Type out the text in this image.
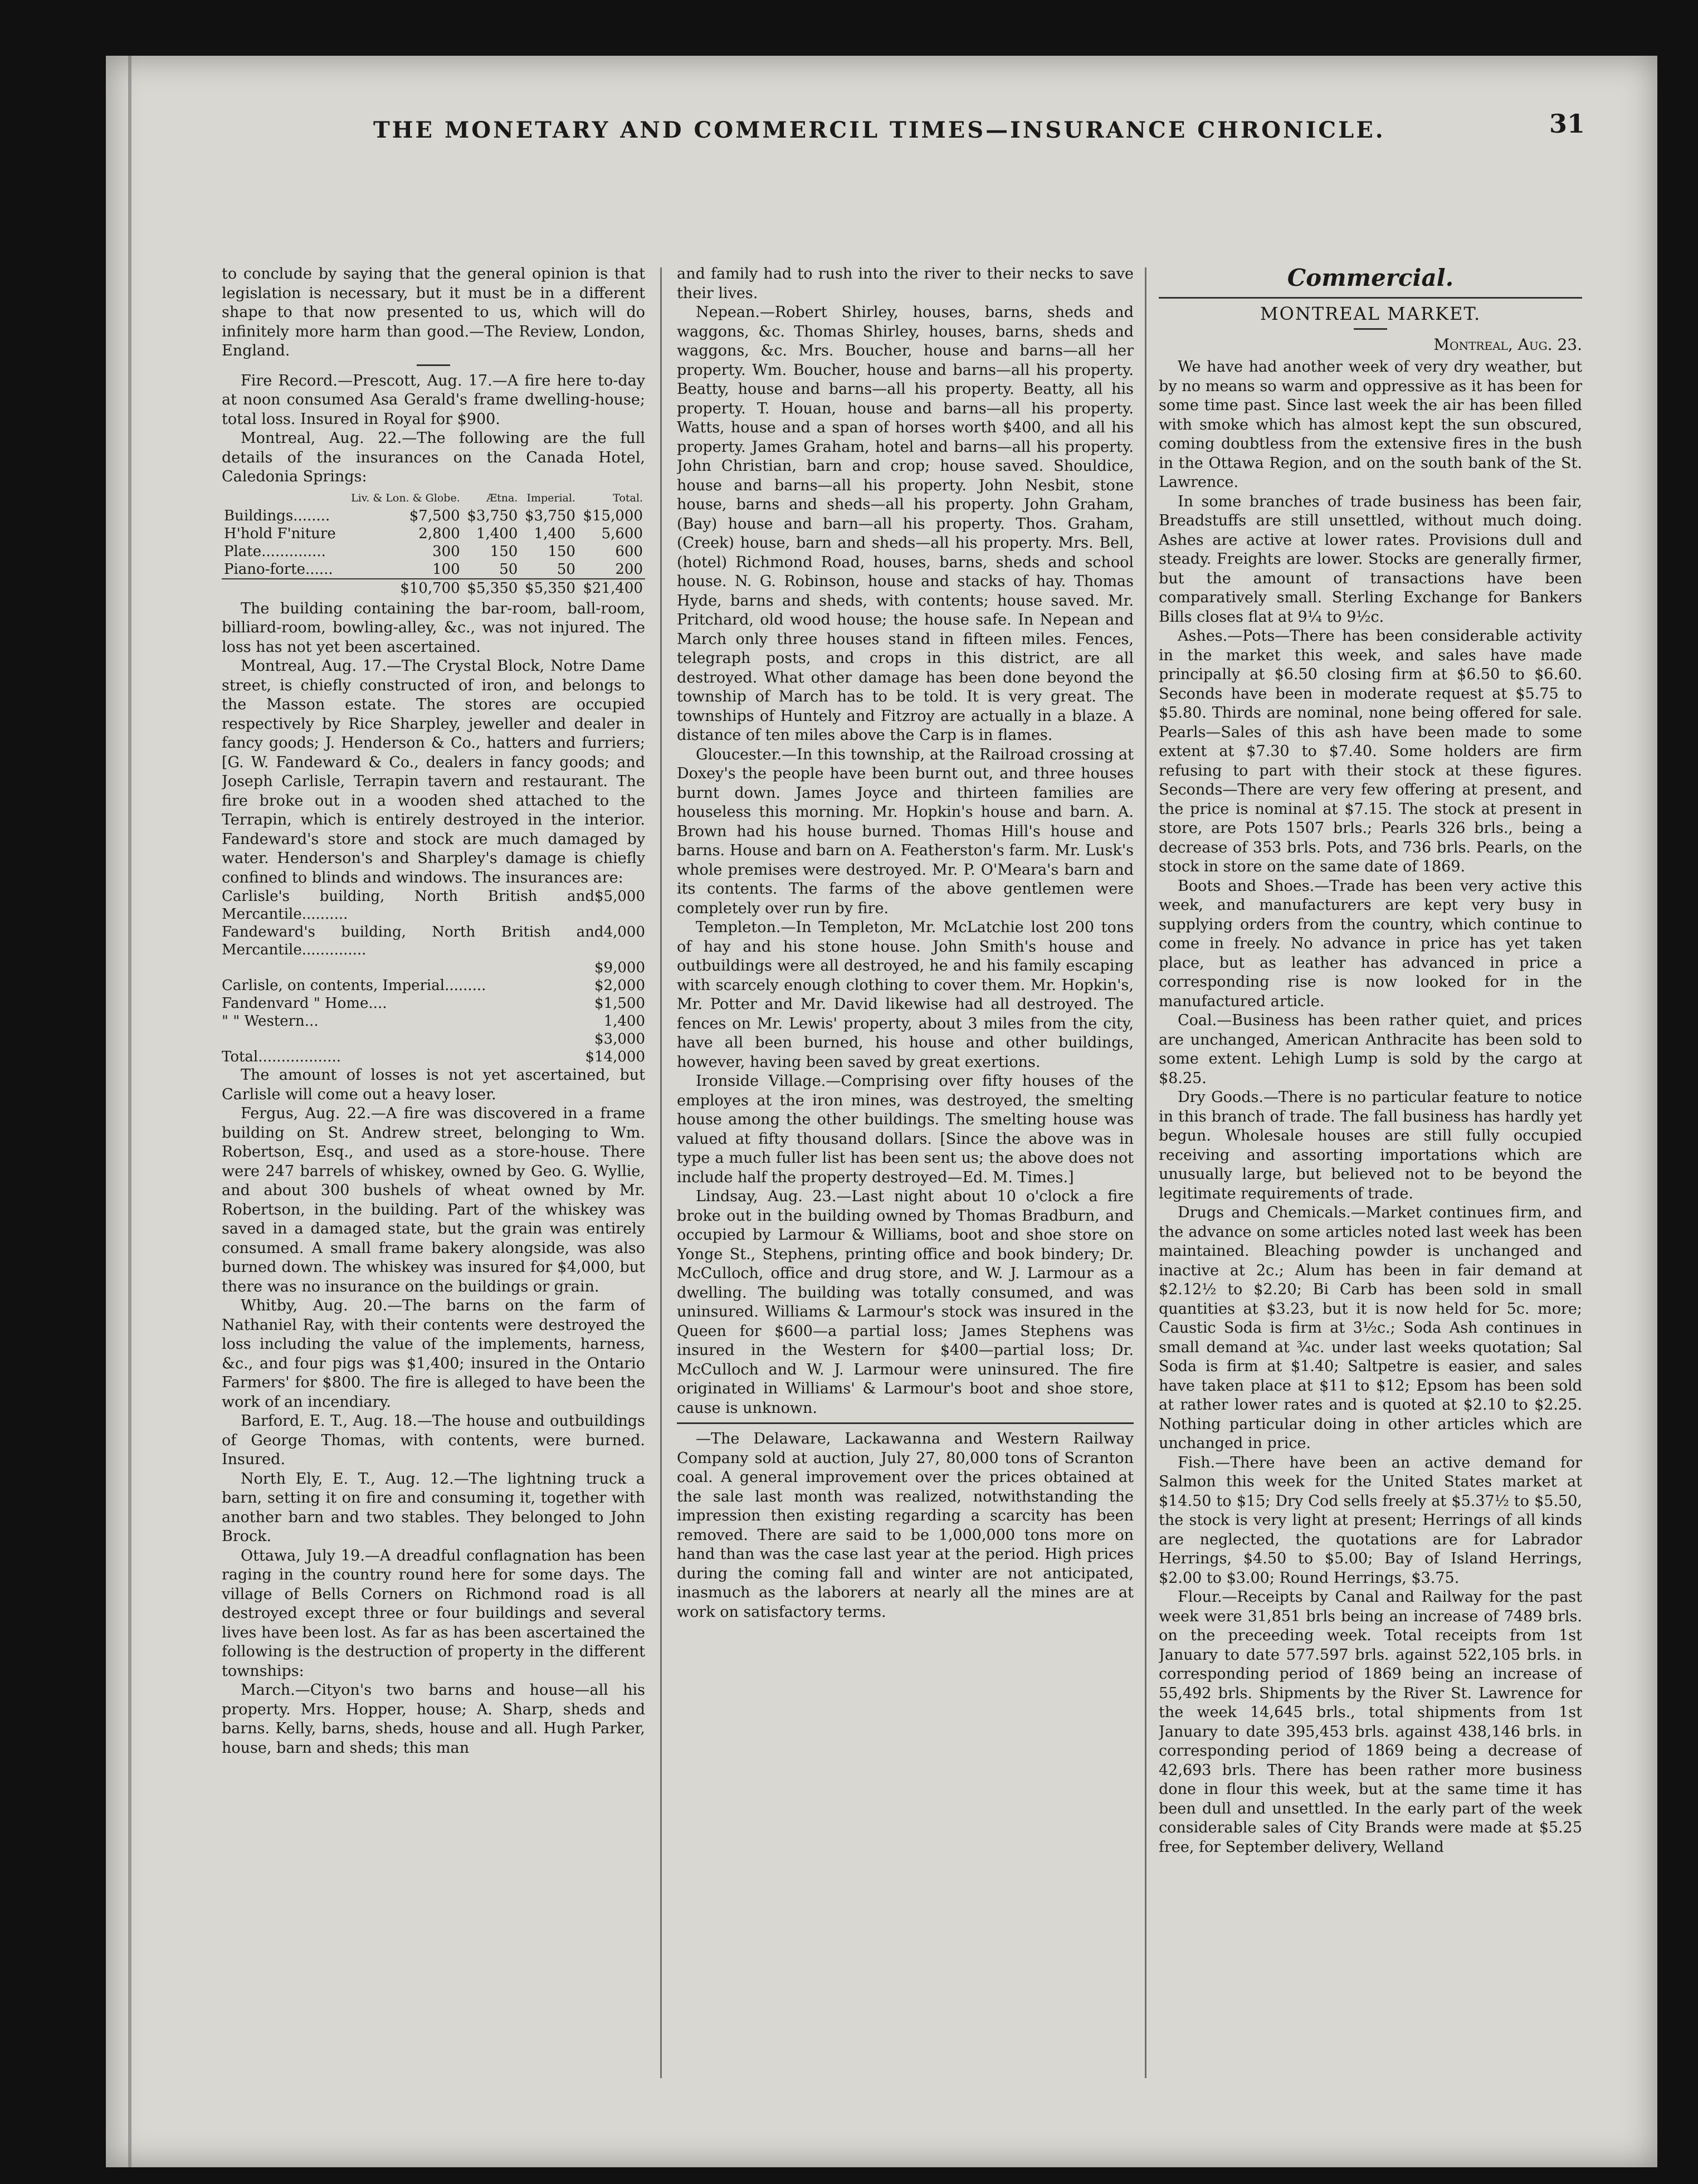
THE MONETARY AND COMMERCIL TIMES—INSURANCE CHRONICLE.	31

to conclude by saying that the general opinion is that legislation is necessary, but it must be in a different shape to that now presented to us, which will do infinitely more harm than good.—The Review, London, England.

Fire Record.—Prescott, Aug. 17.—A fire here to-day at noon consumed Asa Gerald's frame dwelling-house; total loss. Insured in Royal for $900.

Montreal, Aug. 22.—The following are the full details of the insurances on the Canada Hotel, Caledonia Springs:

	Liv. & Lon. & Globe.	Ætna.	Imperial.	Total.
Buildings........	$7,500	$3,750	$3,750	$15,000
H'hold F'niture	2,800	1,400	1,400	5,600
Plate..............	300	150	150	600
Piano-forte......	100	50	50	200
	$10,700	$5,350	$5,350	$21,400

The building containing the bar-room, ball-room, billiard-room, bowling-alley, &c., was not injured. The loss has not yet been ascertained.

Montreal, Aug. 17.—The Crystal Block, Notre Dame street, is chiefly constructed of iron, and belongs to the Masson estate. The stores are occupied respectively by Rice Sharpley, jeweller and dealer in fancy goods; J. Henderson & Co., hatters and furriers; [G. W. Fandeward & Co., dealers in fancy goods; and Joseph Carlisle, Terrapin tavern and restaurant. The fire broke out in a wooden shed attached to the Terrapin, which is entirely destroyed in the interior. Fandeward's store and stock are much damaged by water. Henderson's and Sharpley's damage is chiefly confined to blinds and windows. The insurances are:

Carlisle's building, North British and Mercantile..........
$5,000
Fandeward's building, North British and Mercantile..............
4,000
$9,000
Carlisle, on contents, Imperial.........	$2,000
Fandenvard " Home....	$1,500
" " Western...	1,400
$3,000
Total..................	$14,000

The amount of losses is not yet ascertained, but Carlisle will come out a heavy loser.

Fergus, Aug. 22.—A fire was discovered in a frame building on St. Andrew street, belonging to Wm. Robertson, Esq., and used as a store-house. There were 247 barrels of whiskey, owned by Geo. G. Wyllie, and about 300 bushels of wheat owned by Mr. Robertson, in the building. Part of the whiskey was saved in a damaged state, but the grain was entirely consumed. A small frame bakery alongside, was also burned down. The whiskey was insured for $4,000, but there was no insurance on the buildings or grain.

Whitby, Aug. 20.—The barns on the farm of Nathaniel Ray, with their contents were destroyed the loss including the value of the implements, harness, &c., and four pigs was $1,400; insured in the Ontario Farmers' for $800. The fire is alleged to have been the work of an incendiary.

Barford, E. T., Aug. 18.—The house and outbuildings of George Thomas, with contents, were burned. Insured.

North Ely, E. T., Aug. 12.—The lightning truck a barn, setting it on fire and consuming it, together with another barn and two stables. They belonged to John Brock.

Ottawa, July 19.—A dreadful conflagnation has been raging in the country round here for some days. The village of Bells Corners on Richmond road is all destroyed except three or four buildings and several lives have been lost. As far as has been ascertained the following is the destruction of property in the different townships:

March.—Cityon's two barns and house—all his property. Mrs. Hopper, house; A. Sharp, sheds and barns. Kelly, barns, sheds, house and all. Hugh Parker, house, barn and sheds; this man

and family had to rush into the river to their necks to save their lives.

Nepean.—Robert Shirley, houses, barns, sheds and waggons, &c. Thomas Shirley, houses, barns, sheds and waggons, &c. Mrs. Boucher, house and barns—all her property. Wm. Boucher, house and barns—all his property. Beatty, house and barns—all his property. Beatty, all his property. T. Houan, house and barns—all his property. Watts, house and a span of horses worth $400, and all his property. James Graham, hotel and barns—all his property. John Christian, barn and crop; house saved. Shouldice, house and barns—all his property. John Nesbit, stone house, barns and sheds—all his property. John Graham, (Bay) house and barn—all his property. Thos. Graham, (Creek) house, barn and sheds—all his property. Mrs. Bell, (hotel) Richmond Road, houses, barns, sheds and school house. N. G. Robinson, house and stacks of hay. Thomas Hyde, barns and sheds, with contents; house saved. Mr. Pritchard, old wood house; the house safe. In Nepean and March only three houses stand in fifteen miles. Fences, telegraph posts, and crops in this district, are all destroyed. What other damage has been done beyond the township of March has to be told. It is very great. The townships of Huntely and Fitzroy are actually in a blaze. A distance of ten miles above the Carp is in flames.

Gloucester.—In this township, at the Railroad crossing at Doxey's the people have been burnt out, and three houses burnt down. James Joyce and thirteen families are houseless this morning. Mr. Hopkin's house and barn. A. Brown had his house burned. Thomas Hill's house and barns. House and barn on A. Featherston's farm. Mr. Lusk's whole premises were destroyed. Mr. P. O'Meara's barn and its contents. The farms of the above gentlemen were completely over run by fire.

Templeton.—In Templeton, Mr. McLatchie lost 200 tons of hay and his stone house. John Smith's house and outbuildings were all destroyed, he and his family escaping with scarcely enough clothing to cover them. Mr. Hopkin's, Mr. Potter and Mr. David likewise had all destroyed. The fences on Mr. Lewis' property, about 3 miles from the city, have all been burned, his house and other buildings, however, having been saved by great exertions.

Ironside Village.—Comprising over fifty houses of the employes at the iron mines, was destroyed, the smelting house among the other buildings. The smelting house was valued at fifty thousand dollars. [Since the above was in type a much fuller list has been sent us; the above does not include half the property destroyed—Ed. M. Times.]

Lindsay, Aug. 23.—Last night about 10 o'clock a fire broke out in the building owned by Thomas Bradburn, and occupied by Larmour & Williams, boot and shoe store on Yonge St., Stephens, printing office and book bindery; Dr. McCulloch, office and drug store, and W. J. Larmour as a dwelling. The building was totally consumed, and was uninsured. Williams & Larmour's stock was insured in the Queen for $600—a partial loss; James Stephens was insured in the Western for $400—partial loss; Dr. McCulloch and W. J. Larmour were uninsured. The fire originated in Williams' & Larmour's boot and shoe store, cause is unknown.

—The Delaware, Lackawanna and Western Railway Company sold at auction, July 27, 80,000 tons of Scranton coal. A general improvement over the prices obtained at the sale last month was realized, notwithstanding the impression then existing regarding a scarcity has been removed. There are said to be 1,000,000 tons more on hand than was the case last year at the period. High prices during the coming fall and winter are not anticipated, inasmuch as the laborers at nearly all the mines are at work on satisfactory terms.

Commercial.
MONTREAL MARKET.
Montreal, Aug. 23.

We have had another week of very dry weather, but by no means so warm and oppressive as it has been for some time past. Since last week the air has been filled with smoke which has almost kept the sun obscured, coming doubtless from the extensive fires in the bush in the Ottawa Region, and on the south bank of the St. Lawrence.

In some branches of trade business has been fair, Breadstuffs are still unsettled, without much doing. Ashes are active at lower rates. Provisions dull and steady. Freights are lower. Stocks are generally firmer, but the amount of transactions have been comparatively small. Sterling Exchange for Bankers Bills closes flat at 9¼ to 9½c.

Ashes.—Pots—There has been considerable activity in the market this week, and sales have made principally at $6.50 closing firm at $6.50 to $6.60. Seconds have been in moderate request at $5.75 to $5.80. Thirds are nominal, none being offered for sale. Pearls—Sales of this ash have been made to some extent at $7.30 to $7.40. Some holders are firm refusing to part with their stock at these figures. Seconds—There are very few offering at present, and the price is nominal at $7.15. The stock at present in store, are Pots 1507 brls.; Pearls 326 brls., being a decrease of 353 brls. Pots, and 736 brls. Pearls, on the stock in store on the same date of 1869.

Boots and Shoes.—Trade has been very active this week, and manufacturers are kept very busy in supplying orders from the country, which continue to come in freely. No advance in price has yet taken place, but as leather has advanced in price a corresponding rise is now looked for in the manufactured article.

Coal.—Business has been rather quiet, and prices are unchanged, American Anthracite has been sold to some extent. Lehigh Lump is sold by the cargo at $8.25.

Dry Goods.—There is no particular feature to notice in this branch of trade. The fall business has hardly yet begun. Wholesale houses are still fully occupied receiving and assorting importations which are unusually large, but believed not to be beyond the legitimate requirements of trade.

Drugs and Chemicals.—Market continues firm, and the advance on some articles noted last week has been maintained. Bleaching powder is unchanged and inactive at 2c.; Alum has been in fair demand at $2.12½ to $2.20; Bi Carb has been sold in small quantities at $3.23, but it is now held for 5c. more; Caustic Soda is firm at 3½c.; Soda Ash continues in small demand at ¾c. under last weeks quotation; Sal Soda is firm at $1.40; Saltpetre is easier, and sales have taken place at $11 to $12; Epsom has been sold at rather lower rates and is quoted at $2.10 to $2.25. Nothing particular doing in other articles which are unchanged in price.

Fish.—There have been an active demand for Salmon this week for the United States market at $14.50 to $15; Dry Cod sells freely at $5.37½ to $5.50, the stock is very light at present; Herrings of all kinds are neglected, the quotations are for Labrador Herrings, $4.50 to $5.00; Bay of Island Herrings, $2.00 to $3.00; Round Herrings, $3.75.

Flour.—Receipts by Canal and Railway for the past week were 31,851 brls being an increase of 7489 brls. on the preceeding week. Total receipts from 1st January to date 577.597 brls. against 522,105 brls. in corresponding period of 1869 being an increase of 55,492 brls. Shipments by the River St. Lawrence for the week 14,645 brls., total shipments from 1st January to date 395,453 brls. against 438,146 brls. in corresponding period of 1869 being a decrease of 42,693 brls. There has been rather more business done in flour this week, but at the same time it has been dull and unsettled. In the early part of the week considerable sales of City Brands were made at $5.25 free, for September delivery, Welland
